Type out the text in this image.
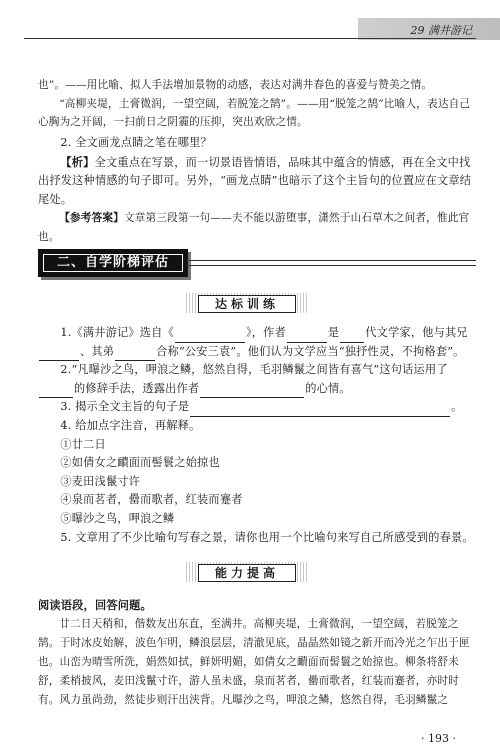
29 满井游记

也”。——用比喻、拟人手法增加景物的动感，表达对满井春色的喜爱与赞美之情。

“高柳夹堤，土膏微润，一望空阔，若脱笼之鹄”。——用“脱笼之鹄”比喻人，表达自己心胸为之开阔，一扫前日之阴霾的压抑，突出欢欣之情。

2. 全文画龙点睛之笔在哪里？

【析】全文重点在写景，而一切景语皆情语，品味其中蕴含的情感，再在全文中找出抒发这种情感的句子即可。另外，“画龙点睛”也暗示了这个主旨句的位置应在文章结尾处。

【参考答案】文章第三段第一句——夫不能以游堕事，潇然于山石草木之间者，惟此官也。

二、自学阶梯评估
达标训练

1.《满井游记》选自《	》，作者	是 代文学家，他与其兄、其弟	合称“公安三袁”。他们认为文学应当“独抒性灵，不拘格套”。

2.“凡曝沙之鸟，呷浪之鳞，悠然自得，毛羽鳞鬣之间皆有喜气”这句话运用了的修辞手法，透露出作者	的心情。

3. 揭示全文主旨的句子是	。

4. 给加点字注音，再解释。

①廿二日

②如倩女之靧面而髻鬟之始掠也

③麦田浅鬣寸许

④泉而茗者，罍而歌者，红装而蹇者

⑤曝沙之鸟，呷浪之鳞

5. 文章用了不少比喻句写春之景，请你也用一个比喻句来写自己所感受到的春景。

能力提高

阅读语段，回答问题。

廿二日天稍和，偕数友出东直，至满井。高柳夹堤，土膏微润，一望空阔，若脱笼之鹄。于时冰皮始解，波色乍明，鳞浪层层，清澈见底，晶晶然如镜之新开而冷光之乍出于匣也。山峦为晴雪所洗，娟然如拭，鲜妍明媚，如倩女之靧面而髻鬟之始掠也。柳条将舒未舒，柔梢披风，麦田浅鬣寸许，游人虽未盛，泉而茗者，罍而歌者，红装而蹇者，亦时时有。风力虽尚劲，然徒步则汗出浃背。凡曝沙之鸟，呷浪之鳞，悠然自得，毛羽鳞鬣之

· 193 ·
